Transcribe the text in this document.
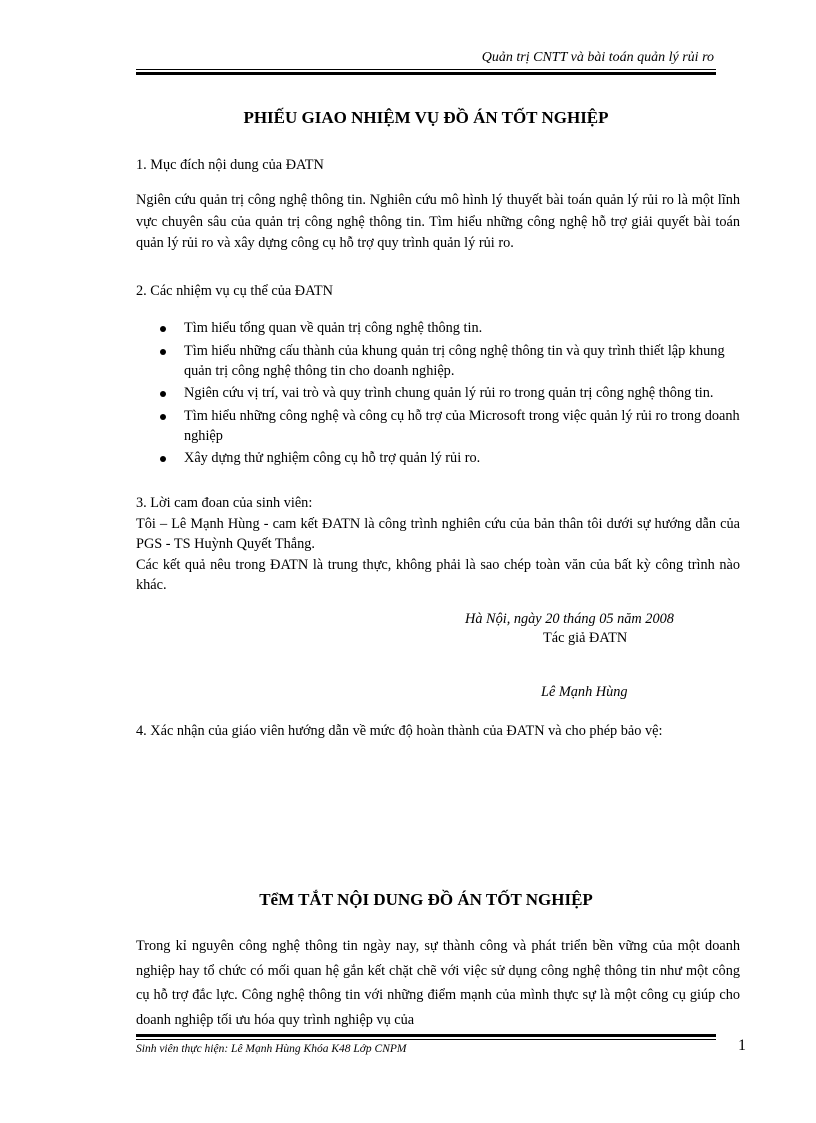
Quản trị CNTT và bài toán quản lý rủi ro
PHIẾU GIAO NHIỆM VỤ ĐỒ ÁN TỐT NGHIỆP
1. Mục đích nội dung của ĐATN
Ngiên cứu quản trị công nghệ thông tin. Nghiên cứu mô hình lý thuyết bài toán quản lý rủi ro là một lĩnh vực chuyên sâu của quản trị công nghệ thông tin. Tìm hiểu những công nghệ hỗ trợ giải quyết bài toán quản lý rủi ro và xây dựng công cụ hỗ trợ quy trình quản lý rủi ro.
2. Các nhiệm vụ cụ thể của ĐATN
Tìm hiểu tổng quan về quản trị công nghệ thông tin.
Tìm hiểu những cấu thành của khung quản trị công nghệ thông tin và quy trình thiết lập khung quản trị công nghệ thông tin cho doanh nghiệp.
Ngiên cứu vị trí, vai trò và quy trình chung quản lý rủi ro trong quản trị công nghệ thông tin.
Tìm hiểu những công nghệ và công cụ hỗ trợ của Microsoft trong việc quản lý rủi ro trong doanh nghiệp
Xây dựng thử nghiệm công cụ hỗ trợ quản lý rủi ro.
3. Lời cam đoan của sinh viên:
Tôi – Lê Mạnh Hùng - cam kết ĐATN là công trình nghiên cứu của bản thân tôi dưới sự hướng dẫn của PGS - TS Huỳnh Quyết Thắng.
Các kết quả nêu trong ĐATN là trung thực, không phải là sao chép toàn văn của bất kỳ công trình nào khác.
Hà Nội, ngày 20 tháng 05 năm 2008
Tác giả ĐATN
Lê Mạnh Hùng
4. Xác nhận của giáo viên hướng dẫn về mức độ hoàn thành của ĐATN và cho phép bảo vệ:
TểM TẮT NỘI DUNG ĐỒ ÁN TỐT NGHIỆP
Trong kỉ nguyên công nghệ thông tin ngày nay, sự thành công và phát triển bền vững của một doanh nghiệp hay tổ chức có mối quan hệ gắn kết chặt chẽ với việc sử dụng công nghệ thông tin như một công cụ hỗ trợ đắc lực. Công nghệ thông tin với những điểm mạnh của mình thực sự là một công cụ giúp cho doanh nghiệp tối ưu hóa quy trình nghiệp vụ của
Sinh viên thực hiện: Lê Mạnh Hùng Khóa K48 Lớp CNPM	1
